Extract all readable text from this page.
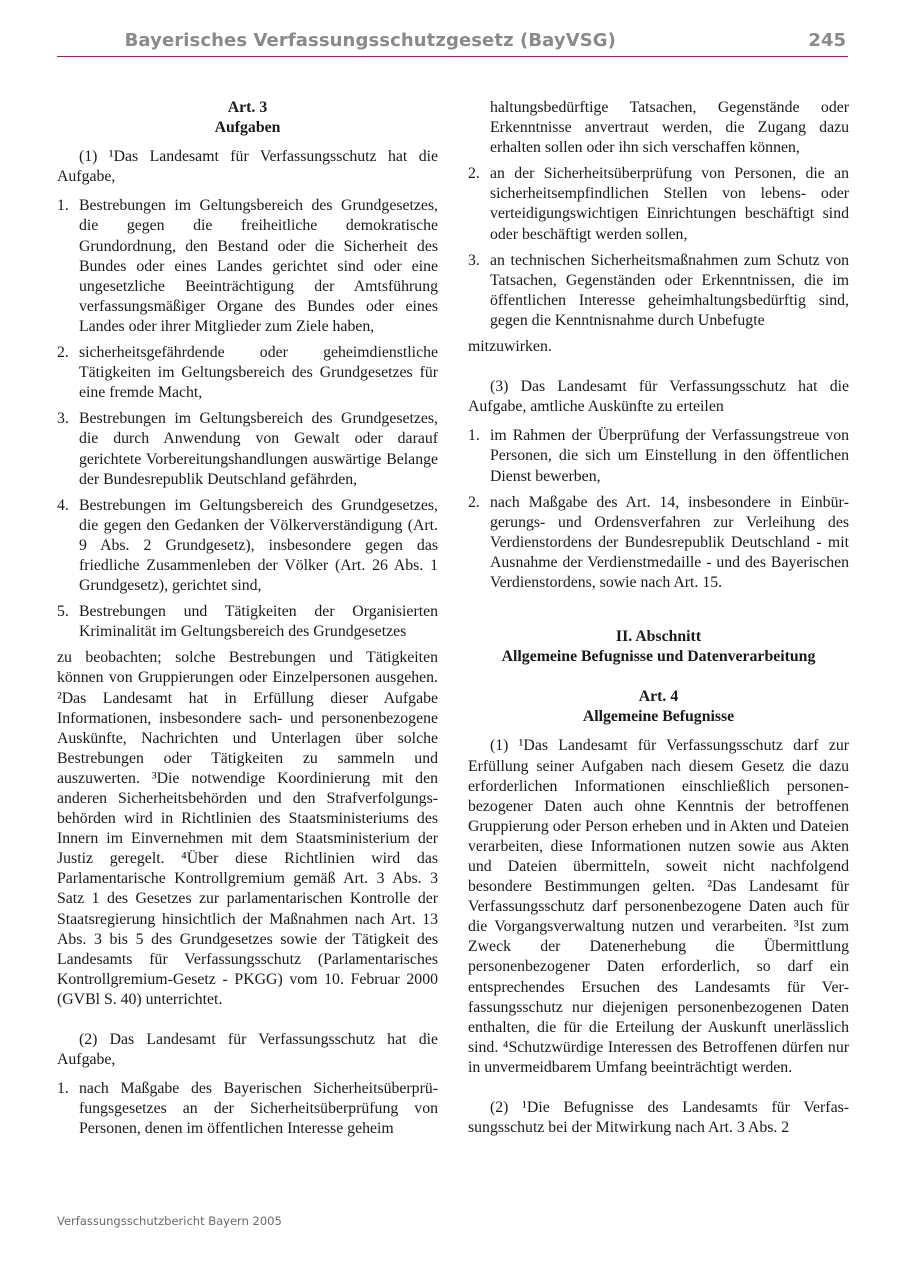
Bayerisches Verfassungsschutzgesetz (BayVSG)	245

Art. 3

Aufgaben

(1) ¹Das Landesamt für Verfassungsschutz hat die Aufgabe,

1. Bestrebungen im Geltungsbereich des Grundgesetzes, die gegen die freiheitliche demokratische Grundordnung, den Bestand oder die Sicherheit des Bundes oder eines Landes gerichtet sind oder eine ungesetzliche Beeinträchtigung der Amtsführung verfassungsmäßiger Organe des Bundes oder eines Landes oder ihrer Mitglieder zum Ziele haben,
2. sicherheitsgefährdende oder geheimdienstliche Tätigkeiten im Geltungsbereich des Grundgesetzes für eine fremde Macht,
3. Bestrebungen im Geltungsbereich des Grundgesetzes, die durch Anwendung von Gewalt oder darauf gerichtete Vorbereitungshandlungen auswärtige Belange der Bundesrepublik Deutschland gefährden,
4. Bestrebungen im Geltungsbereich des Grundgesetzes, die gegen den Gedanken der Völkerverständigung (Art. 9 Abs. 2 Grundgesetz), insbesondere gegen das friedliche Zusammenleben der Völker (Art. 26 Abs. 1 Grundgesetz), gerichtet sind,
5. Bestrebungen und Tätigkeiten der Organisierten Kriminalität im Geltungsbereich des Grundgesetzes

zu beobachten; solche Bestrebungen und Tätigkeiten können von Gruppierungen oder Einzelpersonen ausgehen. ²Das Landesamt hat in Erfüllung dieser Aufgabe Informationen, insbesondere sach- und personenbezogene Auskünfte, Nachrichten und Unterlagen über solche Bestrebungen oder Tätigkeiten zu sammeln und auszuwerten. ³Die notwendige Koordinierung mit den anderen Sicherheitsbehörden und den Strafverfolgungsbehörden wird in Richtlinien des Staatsministeriums des Innern im Einvernehmen mit dem Staatsministerium der Justiz geregelt. ⁴Über diese Richtlinien wird das Parlamentarische Kontrollgremium gemäß Art. 3 Abs. 3 Satz 1 des Gesetzes zur parlamentarischen Kontrolle der Staatsregierung hinsichtlich der Maßnahmen nach Art. 13 Abs. 3 bis 5 des Grundgesetzes sowie der Tätigkeit des Landesamts für Verfassungsschutz (Parlamentarisches Kontrollgremium-Gesetz - PKGG) vom 10. Februar 2000 (GVBl S. 40) unterrichtet.

(2) Das Landesamt für Verfassungsschutz hat die Aufgabe,

1. nach Maßgabe des Bayerischen Sicherheitsüberprüfungsgesetzes an der Sicherheitsüberprüfung von Personen, denen im öffentlichen Interesse geheim
haltungsbedürftige Tatsachen, Gegenstände oder Erkenntnisse anvertraut werden, die Zugang dazu erhalten sollen oder ihn sich verschaffen können,
2. an der Sicherheitsüberprüfung von Personen, die an sicherheitsempfindlichen Stellen von lebens- oder verteidigungswichtigen Einrichtungen beschäftigt sind oder beschäftigt werden sollen,
3. an technischen Sicherheitsmaßnahmen zum Schutz von Tatsachen, Gegenständen oder Erkenntnissen, die im öffentlichen Interesse geheimhaltungsbedürftig sind, gegen die Kenntnisnahme durch Unbefugte

mitzuwirken.

(3) Das Landesamt für Verfassungsschutz hat die Aufgabe, amtliche Auskünfte zu erteilen

1. im Rahmen der Überprüfung der Verfassungstreue von Personen, die sich um Einstellung in den öffentlichen Dienst bewerben,
2. nach Maßgabe des Art. 14, insbesondere in Einbürgerungs- und Ordensverfahren zur Verleihung des Verdienstordens der Bundesrepublik Deutschland - mit Ausnahme der Verdienstmedaille - und des Bayerischen Verdienstordens, sowie nach Art. 15.

II. Abschnitt

Allgemeine Befugnisse und Datenverarbeitung

Art. 4

Allgemeine Befugnisse

(1) ¹Das Landesamt für Verfassungsschutz darf zur Erfüllung seiner Aufgaben nach diesem Gesetz die dazu erforderlichen Informationen einschließlich personenbezogener Daten auch ohne Kenntnis der betroffenen Gruppierung oder Person erheben und in Akten und Dateien verarbeiten, diese Informationen nutzen sowie aus Akten und Dateien übermitteln, soweit nicht nachfolgend besondere Bestimmungen gelten. ²Das Landesamt für Verfassungsschutz darf personenbezogene Daten auch für die Vorgangsverwaltung nutzen und verarbeiten. ³Ist zum Zweck der Datenerhebung die Übermittlung personenbezogener Daten erforderlich, so darf ein entsprechendes Ersuchen des Landesamts für Verfassungsschutz nur diejenigen personenbezogenen Daten enthalten, die für die Erteilung der Auskunft unerlässlich sind. ⁴Schutzwürdige Interessen des Betroffenen dürfen nur in unvermeidbarem Umfang beeinträchtigt werden.

(2) ¹Die Befugnisse des Landesamts für Verfassungsschutz bei der Mitwirkung nach Art. 3 Abs. 2

Verfassungsschutzbericht Bayern 2005
